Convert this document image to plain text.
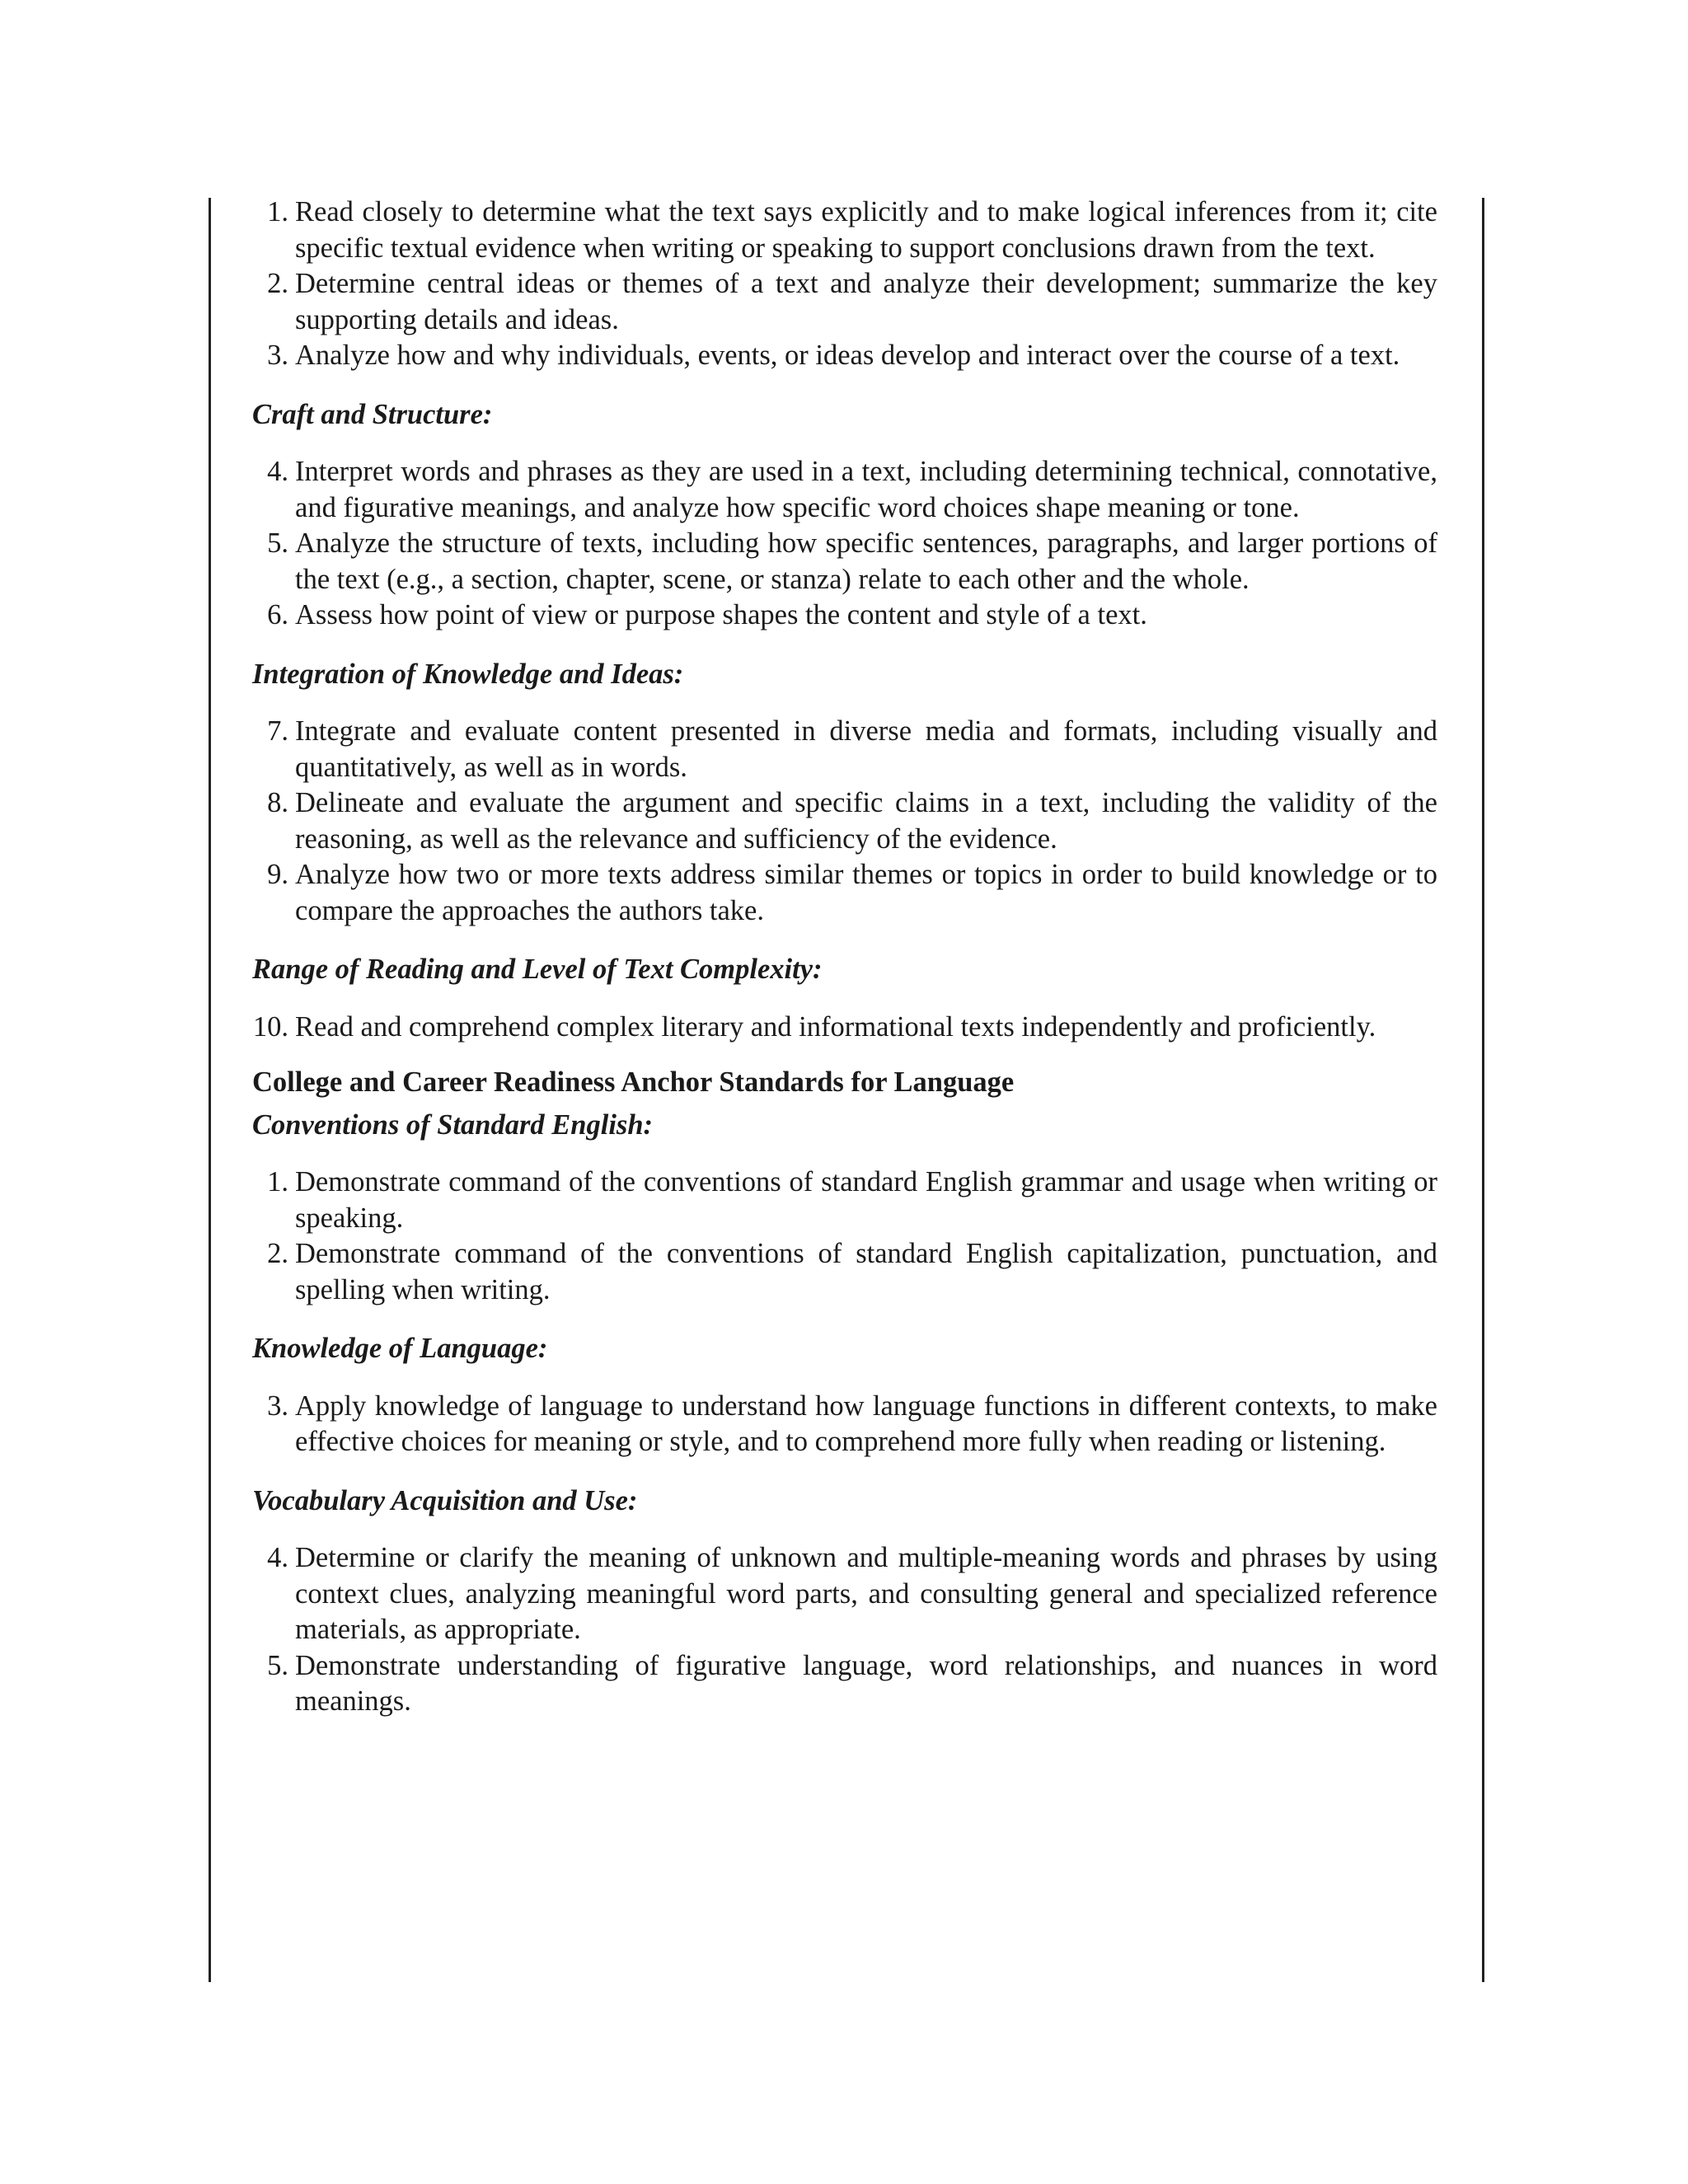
1. Read closely to determine what the text says explicitly and to make logical inferences from it; cite specific textual evidence when writing or speaking to support conclusions drawn from the text.
2. Determine central ideas or themes of a text and analyze their development; summarize the key supporting details and ideas.
3. Analyze how and why individuals, events, or ideas develop and interact over the course of a text.
Craft and Structure:
4. Interpret words and phrases as they are used in a text, including determining technical, connotative, and figurative meanings, and analyze how specific word choices shape meaning or tone.
5. Analyze the structure of texts, including how specific sentences, paragraphs, and larger portions of the text (e.g., a section, chapter, scene, or stanza) relate to each other and the whole.
6. Assess how point of view or purpose shapes the content and style of a text.
Integration of Knowledge and Ideas:
7. Integrate and evaluate content presented in diverse media and formats, including visually and quantitatively, as well as in words.
8. Delineate and evaluate the argument and specific claims in a text, including the validity of the reasoning, as well as the relevance and sufficiency of the evidence.
9. Analyze how two or more texts address similar themes or topics in order to build knowledge or to compare the approaches the authors take.
Range of Reading and Level of Text Complexity:
10. Read and comprehend complex literary and informational texts independently and proficiently.
College and Career Readiness Anchor Standards for Language
Conventions of Standard English:
1. Demonstrate command of the conventions of standard English grammar and usage when writing or speaking.
2. Demonstrate command of the conventions of standard English capitalization, punctuation, and spelling when writing.
Knowledge of Language:
3. Apply knowledge of language to understand how language functions in different contexts, to make effective choices for meaning or style, and to comprehend more fully when reading or listening.
Vocabulary Acquisition and Use:
4. Determine or clarify the meaning of unknown and multiple-meaning words and phrases by using context clues, analyzing meaningful word parts, and consulting general and specialized reference materials, as appropriate.
5. Demonstrate understanding of figurative language, word relationships, and nuances in word meanings.
